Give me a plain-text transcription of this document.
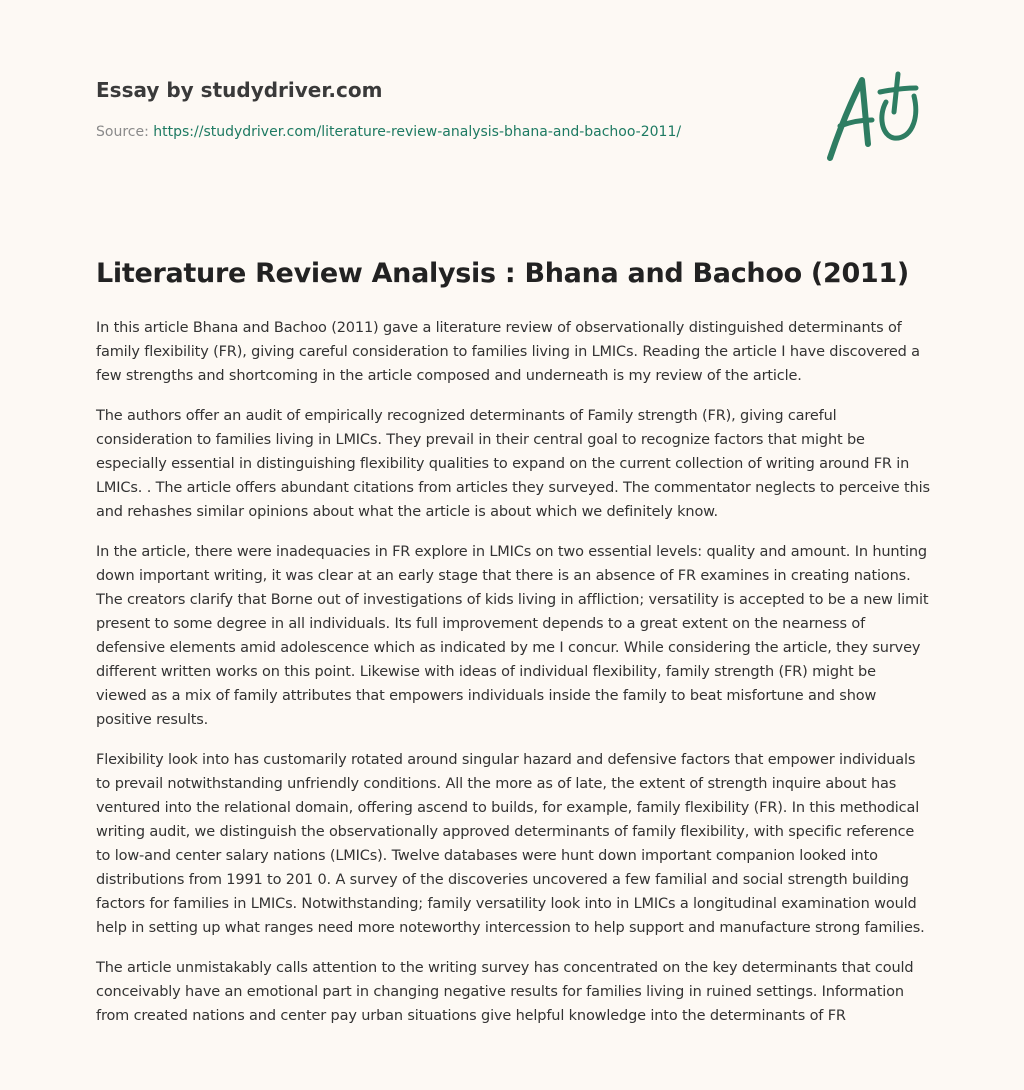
Essay by studydriver.com
Source: https://studydriver.com/literature-review-analysis-bhana-and-bachoo-2011/
Literature Review Analysis : Bhana and Bachoo (2011)

In this article Bhana and Bachoo (2011) gave a literature review of observationally distinguished determinants of family flexibility (FR), giving careful consideration to families living in LMICs. Reading the article I have discovered a few strengths and shortcoming in the article composed and underneath is my review of the article.

The authors offer an audit of empirically recognized determinants of Family strength (FR), giving careful consideration to families living in LMICs. They prevail in their central goal to recognize factors that might be especially essential in distinguishing flexibility qualities to expand on the current collection of writing around FR in LMICs. . The article offers abundant citations from articles they surveyed. The commentator neglects to perceive this and rehashes similar opinions about what the article is about which we definitely know.

In the article, there were inadequacies in FR explore in LMICs on two essential levels: quality and amount. In hunting down important writing, it was clear at an early stage that there is an absence of FR examines in creating nations. The creators clarify that Borne out of investigations of kids living in affliction; versatility is accepted to be a new limit present to some degree in all individuals. Its full improvement depends to a great extent on the nearness of defensive elements amid adolescence which as indicated by me I concur. While considering the article, they survey different written works on this point. Likewise with ideas of individual flexibility, family strength (FR) might be viewed as a mix of family attributes that empowers individuals inside the family to beat misfortune and show positive results.

Flexibility look into has customarily rotated around singular hazard and defensive factors that empower individuals to prevail notwithstanding unfriendly conditions. All the more as of late, the extent of strength inquire about has ventured into the relational domain, offering ascend to builds, for example, family flexibility (FR). In this methodical writing audit, we distinguish the observationally approved determinants of family flexibility, with specific reference to low-and center salary nations (LMICs). Twelve databases were hunt down important companion looked into distributions from 1991 to 201 0. A survey of the discoveries uncovered a few familial and social strength building factors for families in LMICs. Notwithstanding; family versatility look into in LMICs a longitudinal examination would help in setting up what ranges need more noteworthy intercession to help support and manufacture strong families.

The article unmistakably calls attention to the writing survey has concentrated on the key determinants that could conceivably have an emotional part in changing negative results for families living in ruined settings. Information from created nations and center pay urban situations give helpful knowledge into the determinants of FR
